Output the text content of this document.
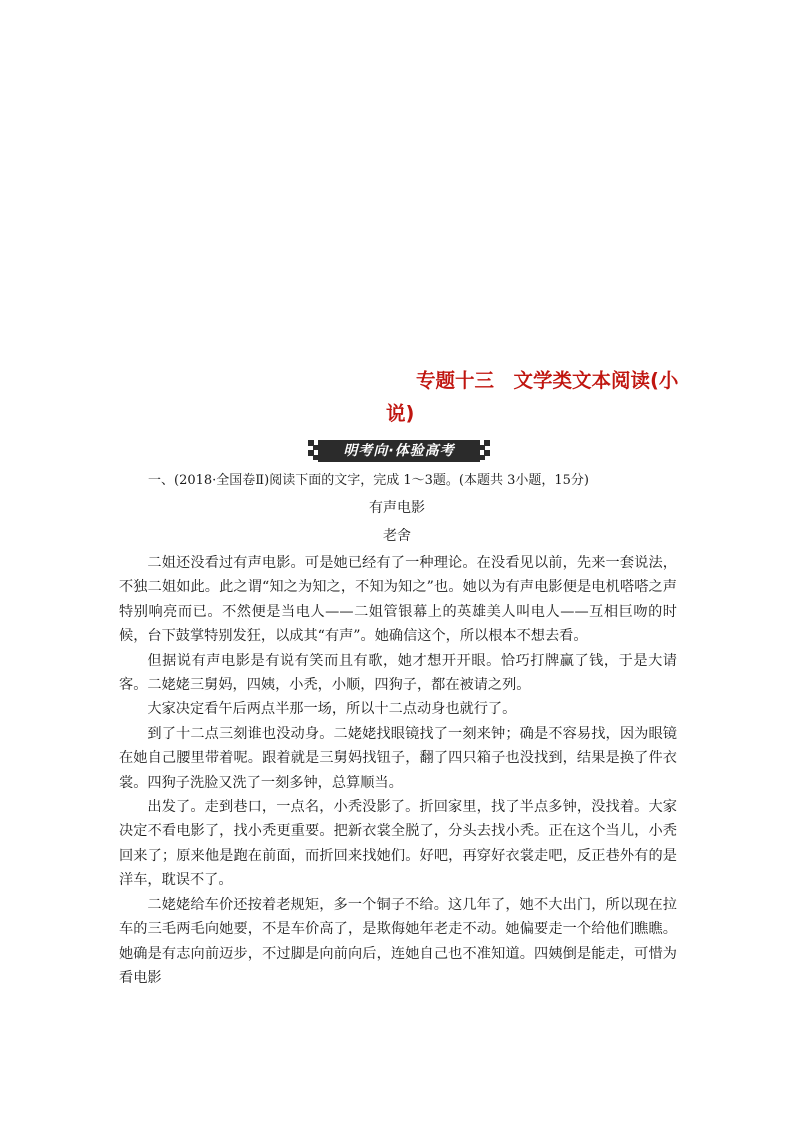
专题十三　文学类文本阅读(小
说)
明考向·体验高考

一、(2018·全国卷Ⅱ)阅读下面的文字，完成 1～3题。(本题共 3小题，15分)

有声电影

老舍

二姐还没看过有声电影。可是她已经有了一种理论。在没看见以前，先来一套说法，不独二姐如此。此之谓“知之为知之，不知为知之”也。她以为有声电影便是电机嗒嗒之声特别响亮而已。不然便是当电人——二姐管银幕上的英雄美人叫电人——互相巨吻的时候，台下鼓掌特别发狂，以成其“有声”。她确信这个，所以根本不想去看。

但据说有声电影是有说有笑而且有歌，她才想开开眼。恰巧打牌赢了钱，于是大请客。二姥姥三舅妈，四姨，小秃，小顺，四狗子，都在被请之列。

大家决定看午后两点半那一场，所以十二点动身也就行了。

到了十二点三刻谁也没动身。二姥姥找眼镜找了一刻来钟；确是不容易找，因为眼镜在她自己腰里带着呢。跟着就是三舅妈找钮子，翻了四只箱子也没找到，结果是换了件衣裳。四狗子洗脸又洗了一刻多钟，总算顺当。

出发了。走到巷口，一点名，小秃没影了。折回家里，找了半点多钟，没找着。大家决定不看电影了，找小秃更重要。把新衣裳全脱了，分头去找小秃。正在这个当儿，小秃回来了；原来他是跑在前面，而折回来找她们。好吧，再穿好衣裳走吧，反正巷外有的是洋车，耽误不了。

二姥姥给车价还按着老规矩，多一个铜子不给。这几年了，她不大出门，所以现在拉车的三毛两毛向她要，不是车价高了，是欺侮她年老走不动。她偏要走一个给他们瞧瞧。她确是有志向前迈步，不过脚是向前向后，连她自己也不准知道。四姨倒是能走，可惜为看电影
